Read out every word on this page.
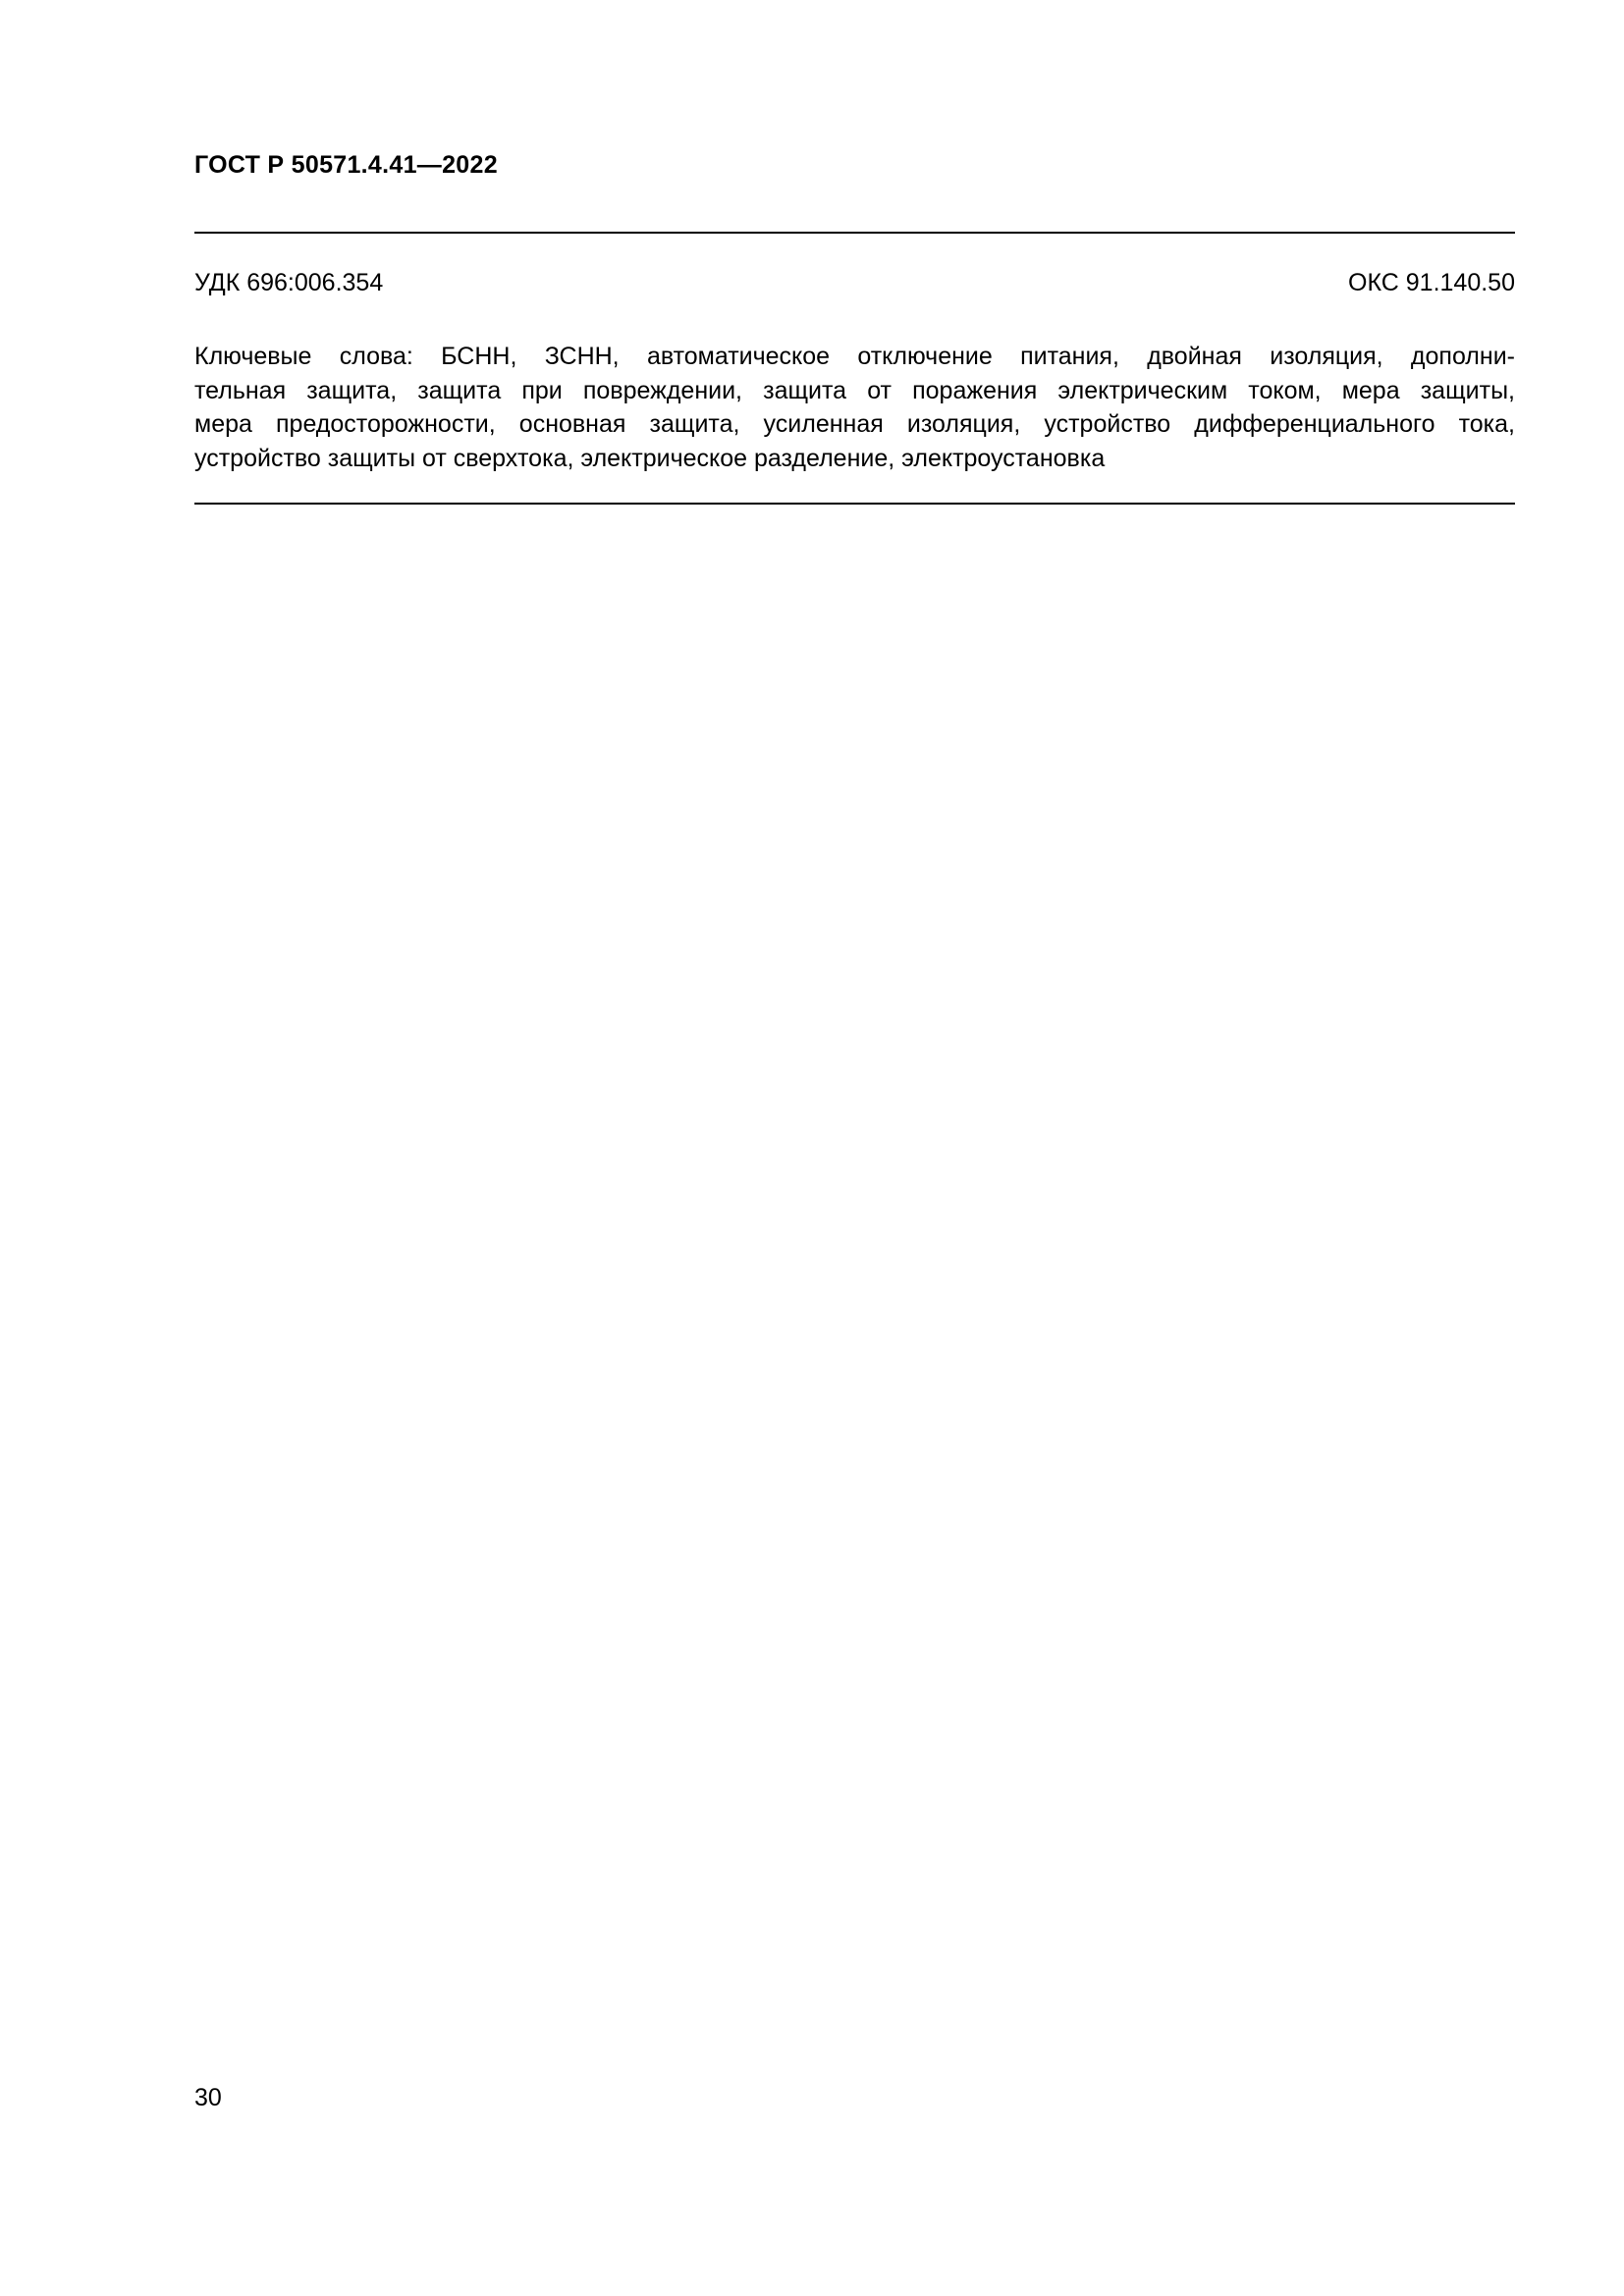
ГОСТ Р 50571.4.41—2022
УДК 696:006.354	ОКС 91.140.50
Ключевые слова: БСНН, ЗСНН, автоматическое отключение питания, двойная изоляция, дополни-
тельная защита, защита при повреждении, защита от поражения электрическим током, мера защиты,
мера предосторожности, основная защита, усиленная изоляция, устройство дифференциального тока,
устройство защиты от сверхтока, электрическое разделение, электроустановка
30
